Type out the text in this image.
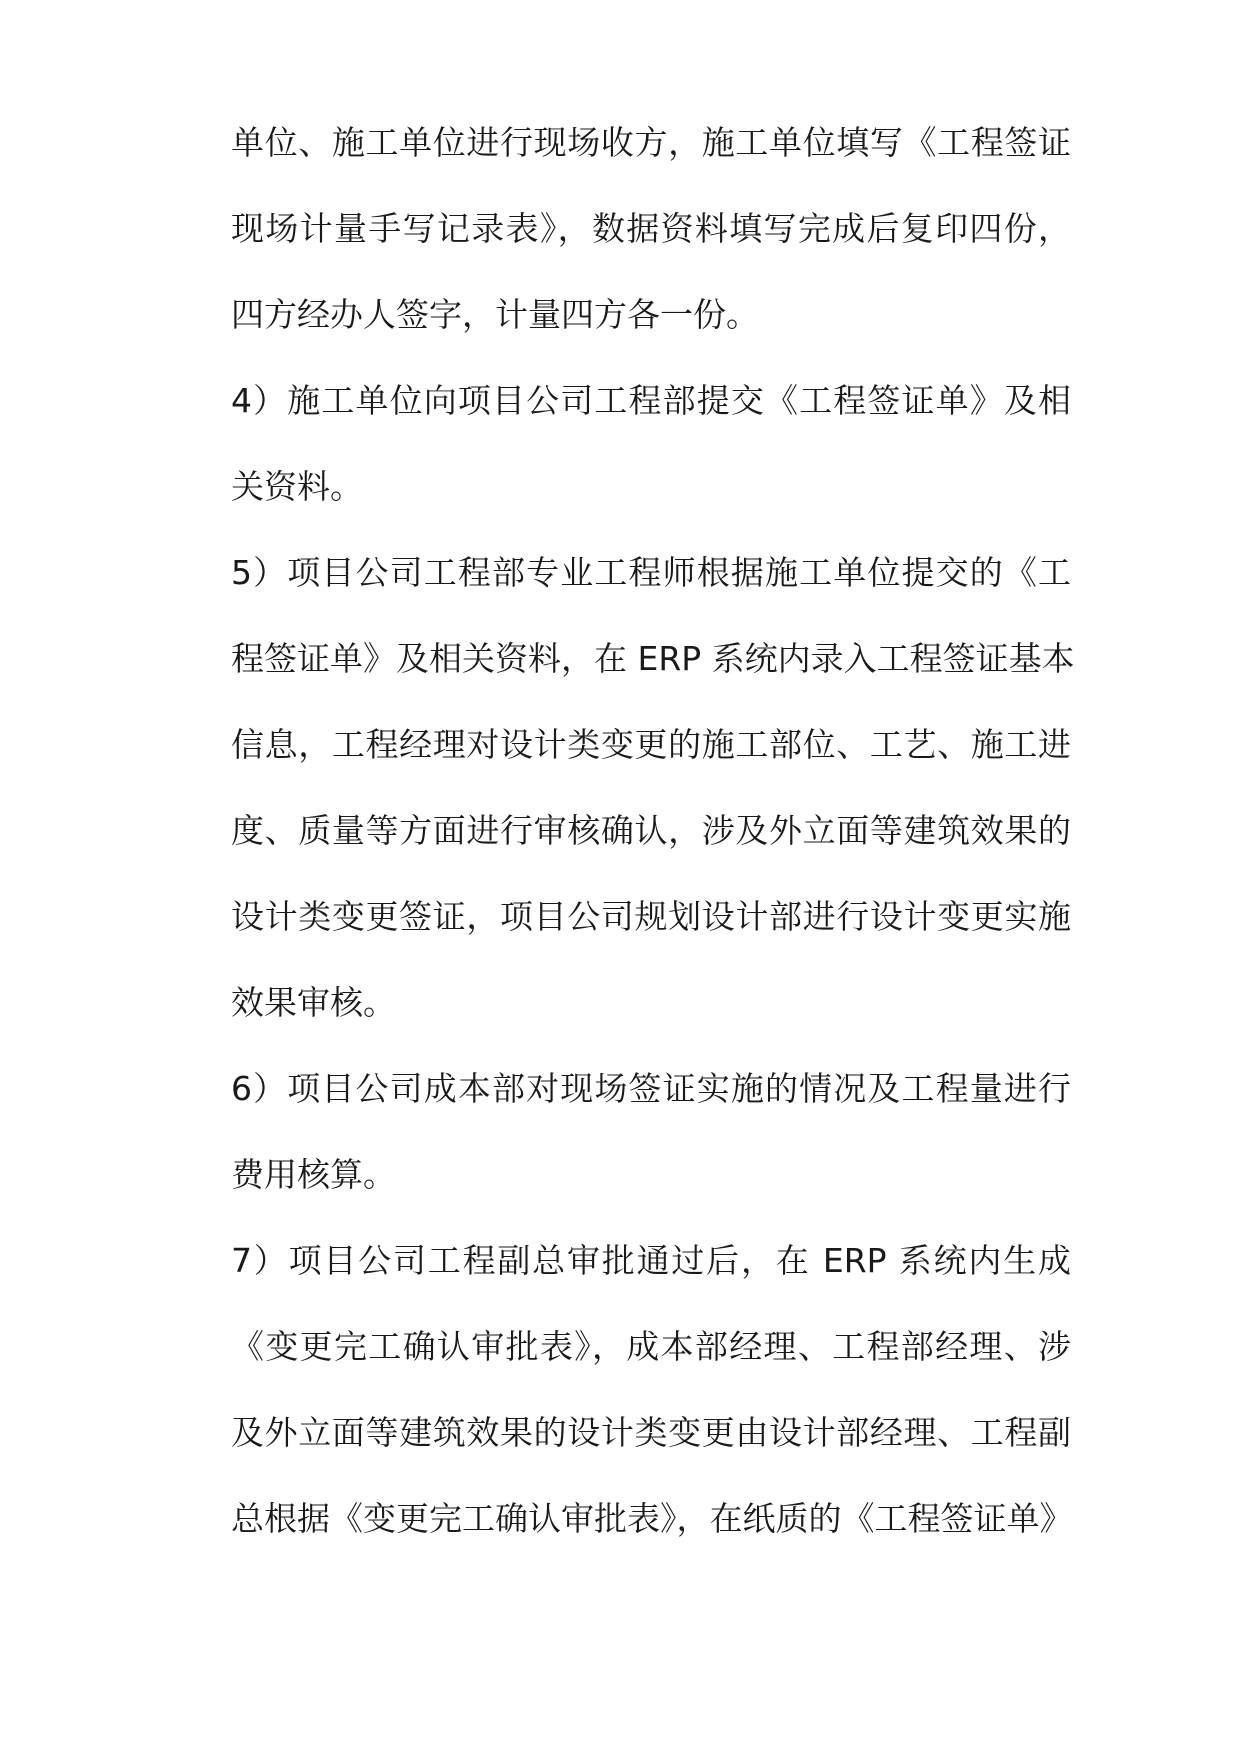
单位、施工单位进行现场收方，施工单位填写《工程签证
现场计量手写记录表》，数据资料填写完成后复印四份，
四方经办人签字，计量四方各一份。
4）施工单位向项目公司工程部提交《工程签证单》及相
关资料。
5）项目公司工程部专业工程师根据施工单位提交的《工
程签证单》及相关资料，在 ERP 系统内录入工程签证基本
信息，工程经理对设计类变更的施工部位、工艺、施工进
度、质量等方面进行审核确认，涉及外立面等建筑效果的
设计类变更签证，项目公司规划设计部进行设计变更实施
效果审核。
6）项目公司成本部对现场签证实施的情况及工程量进行
费用核算。
7）项目公司工程副总审批通过后，在 ERP 系统内生成
《变更完工确认审批表》，成本部经理、工程部经理、涉
及外立面等建筑效果的设计类变更由设计部经理、工程副
总根据《变更完工确认审批表》，在纸质的《工程签证单》
